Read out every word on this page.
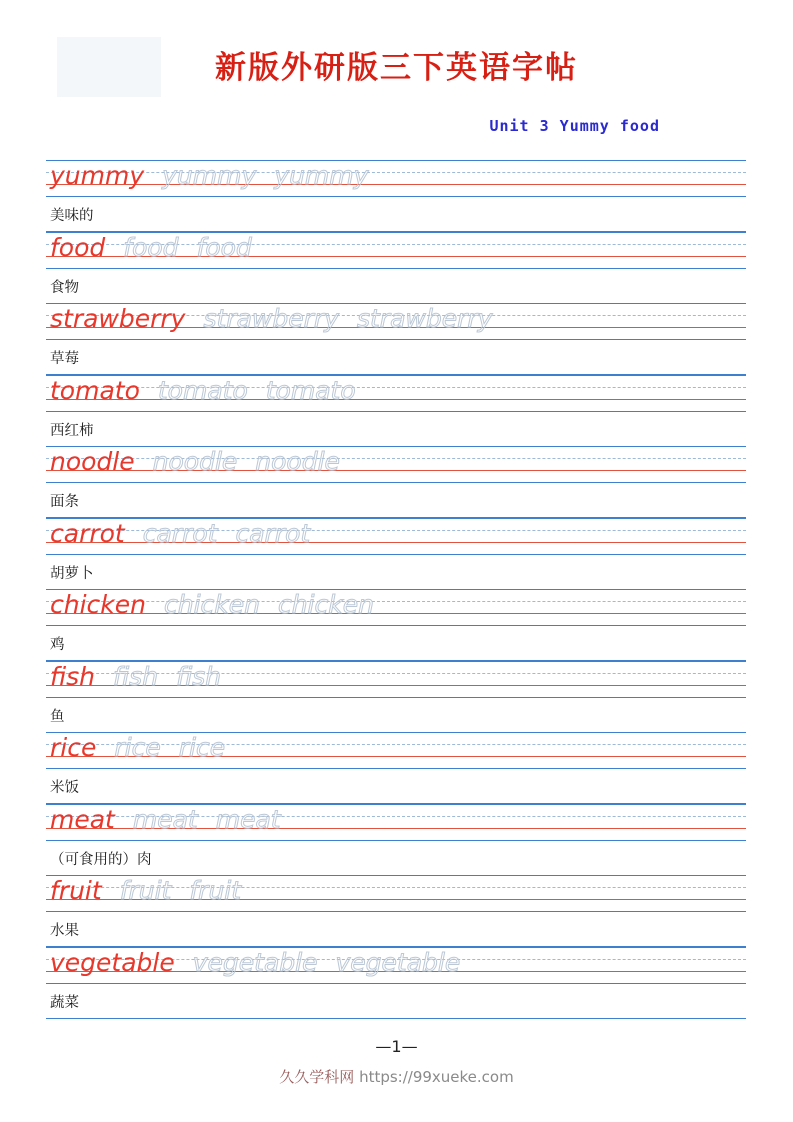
新版外研版三下英语字帖
Unit 3 Yummy food
yummy yummy yummy
美味的
food food food
食物
strawberry strawberry strawberry
草莓
tomato tomato tomato
西红柿
noodle noodle noodle
面条
carrot carrot carrot
胡萝卜
chicken chicken chicken
鸡
fish fish fish
鱼
rice rice rice
米饭
meat meat meat
（可食用的）肉
fruit fruit fruit
水果
vegetable vegetable vegetable
蔬菜
—1—
久久学科网 https://99xueke.com
